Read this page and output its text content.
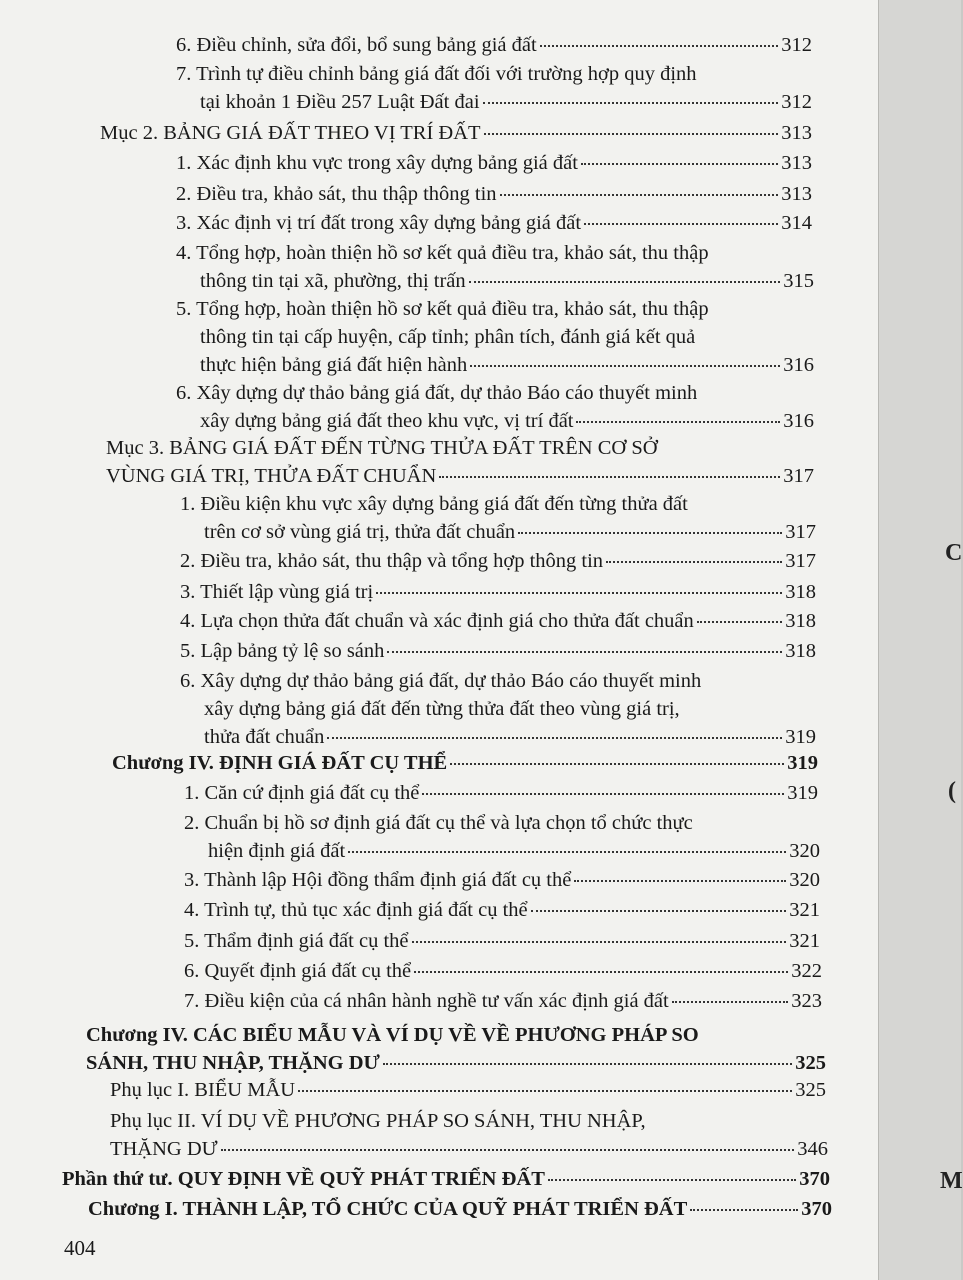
C
(
M
6. Điều chỉnh, sửa đổi, bổ sung bảng giá đất	312
7. Trình tự điều chỉnh bảng giá đất đối với trường hợp quy định
tại khoản 1 Điều 257 Luật Đất đai	312
Mục 2. BẢNG GIÁ ĐẤT THEO VỊ TRÍ ĐẤT	313
1. Xác định khu vực trong xây dựng bảng giá đất	313
2. Điều tra, khảo sát, thu thập thông tin	313
3. Xác định vị trí đất trong xây dựng bảng giá đất	314
4. Tổng hợp, hoàn thiện hồ sơ kết quả điều tra, khảo sát, thu thập
thông tin tại xã, phường, thị trấn	315
5. Tổng hợp, hoàn thiện hồ sơ kết quả điều tra, khảo sát, thu thập
thông tin tại cấp huyện, cấp tỉnh; phân tích, đánh giá kết quả
thực hiện bảng giá đất hiện hành	316
6. Xây dựng dự thảo bảng giá đất, dự thảo Báo cáo thuyết minh
xây dựng bảng giá đất theo khu vực, vị trí đất	316
Mục 3. BẢNG GIÁ ĐẤT ĐẾN TỪNG THỬA ĐẤT TRÊN CƠ SỞ
VÙNG GIÁ TRỊ, THỬA ĐẤT CHUẨN	317
1. Điều kiện khu vực xây dựng bảng giá đất đến từng thửa đất
trên cơ sở vùng giá trị, thửa đất chuẩn	317
2. Điều tra, khảo sát, thu thập và tổng hợp thông tin	317
3. Thiết lập vùng giá trị	318
4. Lựa chọn thửa đất chuẩn và xác định giá cho thửa đất chuẩn	318
5. Lập bảng tỷ lệ so sánh	318
6. Xây dựng dự thảo bảng giá đất, dự thảo Báo cáo thuyết minh
xây dựng bảng giá đất đến từng thửa đất theo vùng giá trị,
thửa đất chuẩn	319
Chương IV. ĐỊNH GIÁ ĐẤT CỤ THỂ	319
1. Căn cứ định giá đất cụ thể	319
2. Chuẩn bị hồ sơ định giá đất cụ thể và lựa chọn tổ chức thực
hiện định giá đất	320
3. Thành lập Hội đồng thẩm định giá đất cụ thể	320
4. Trình tự, thủ tục xác định giá đất cụ thể	321
5. Thẩm định giá đất cụ thể	321
6. Quyết định giá đất cụ thể	322
7. Điều kiện của cá nhân hành nghề tư vấn xác định giá đất	323
Chương IV. CÁC BIỂU MẪU VÀ VÍ DỤ VỀ VỀ PHƯƠNG PHÁP SO
SÁNH, THU NHẬP, THẶNG DƯ	325
Phụ lục I. BIỂU MẪU	325
Phụ lục II. VÍ DỤ VỀ PHƯƠNG PHÁP SO SÁNH, THU NHẬP,
THẶNG DƯ	346
Phần thứ tư. QUY ĐỊNH VỀ QUỸ PHÁT TRIỂN ĐẤT	370
Chương I. THÀNH LẬP, TỔ CHỨC CỦA QUỸ PHÁT TRIỂN ĐẤT	370
404
